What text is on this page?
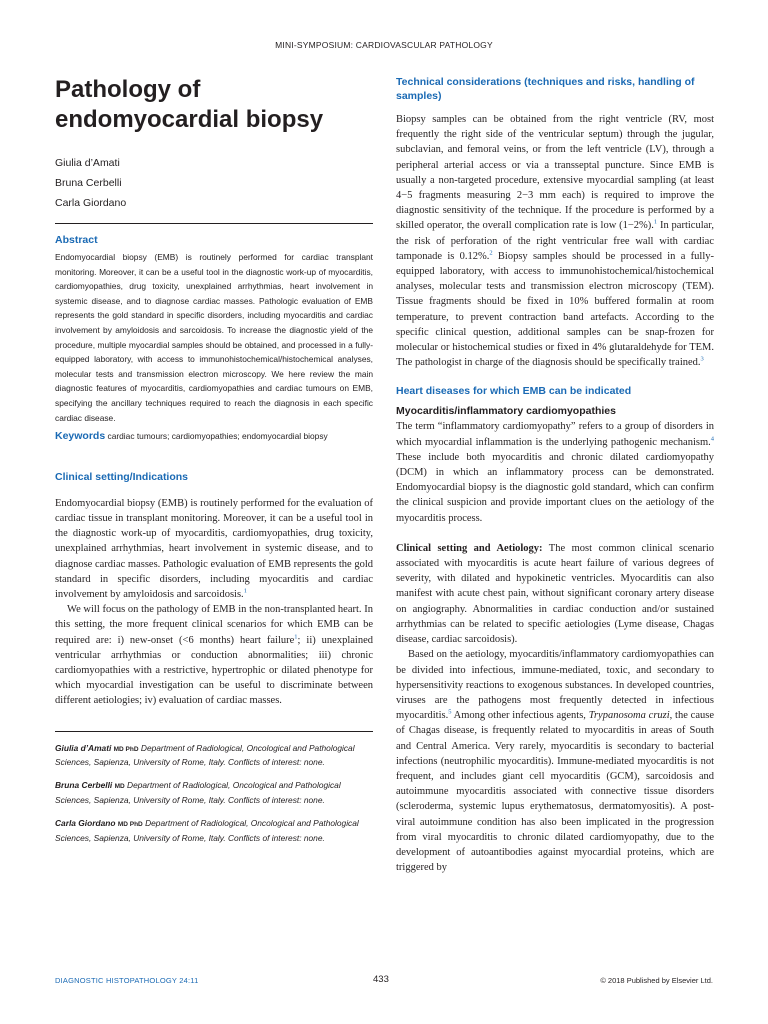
MINI-SYMPOSIUM: CARDIOVASCULAR PATHOLOGY
Pathology of
endomyocardial biopsy
Giulia d’Amati
Bruna Cerbelli
Carla Giordano
Abstract

Endomyocardial biopsy (EMB) is routinely performed for cardiac transplant monitoring. Moreover, it can be a useful tool in the diagnostic work-up of myocarditis, cardiomyopathies, drug toxicity, unexplained arrhythmias, heart involvement in systemic disease, and to diagnose cardiac masses. Pathologic evaluation of EMB represents the gold standard in specific disorders, including myocarditis and cardiac involvement by amyloidosis and sarcoidosis. To increase the diagnostic yield of the procedure, multiple myocardial samples should be obtained, and processed in a fully-equipped laboratory, with access to immunohistochemical/histochemical analyses, molecular tests and transmission electron microscopy. We here review the main diagnostic features of myocarditis, cardiomyopathies and cardiac tumours on EMB, specifying the ancillary techniques required to reach the diagnosis in each specific cardiac disease.

Keywords cardiac tumours; cardiomyopathies; endomyocardial biopsy
Clinical setting/Indications

Endomyocardial biopsy (EMB) is routinely performed for the evaluation of cardiac tissue in transplant monitoring. Moreover, it can be a useful tool in the diagnostic work-up of myocarditis, cardiomyopathies, drug toxicity, unexplained arrhythmias, heart involvement in systemic disease, and to diagnose cardiac masses. Pathologic evaluation of EMB represents the gold standard in specific disorders, including myocarditis and cardiac involvement by amyloidosis and sarcoidosis.$^1$

We will focus on the pathology of EMB in the non-transplanted heart. In this setting, the more frequent clinical scenarios for which EMB can be required are: i) new-onset (<6 months) heart failure$^1$; ii) unexplained ventricular arrhythmias or conduction abnormalities; iii) chronic cardiomyopathies with a restrictive, hypertrophic or dilated phenotype for which myocardial investigation can be useful to discriminate between different aetiologies; iv) evaluation of cardiac masses.

Giulia d’Amati MD PhD Department of Radiological, Oncological and Pathological Sciences, Sapienza, University of Rome, Italy. Conflicts of interest: none.
Bruna Cerbelli MD Department of Radiological, Oncological and Pathological Sciences, Sapienza, University of Rome, Italy. Conflicts of interest: none.
Carla Giordano MD PhD Department of Radiological, Oncological and Pathological Sciences, Sapienza, University of Rome, Italy. Conflicts of interest: none.
Technical considerations (techniques and risks, handling of samples)

Biopsy samples can be obtained from the right ventricle (RV, most frequently the right side of the ventricular septum) through the jugular, subclavian, and femoral veins, or from the left ventricle (LV), through a peripheral arterial access or via a transseptal puncture. Since EMB is usually a non-targeted procedure, extensive myocardial sampling (at least 4−5 fragments measuring 2−3 mm each) is required to improve the diagnostic sensitivity of the technique. If the procedure is performed by a skilled operator, the overall complication rate is low (1−2%).$^1$ In particular, the risk of perforation of the right ventricular free wall with cardiac tamponade is 0.12%.$^2$ Biopsy samples should be processed in a fully-equipped laboratory, with access to immunohistochemical/histochemical analyses, molecular tests and transmission electron microscopy (TEM). Tissue fragments should be fixed in 10% buffered formalin at room temperature, to prevent contraction band artefacts. According to the specific clinical question, additional samples can be snap-frozen for molecular or histochemical studies or fixed in 4% glutaraldehyde for TEM. The pathologist in charge of the diagnosis should be specifically trained.$^3$

Heart diseases for which EMB can be indicated
Myocarditis/inflammatory cardiomyopathies

The term “inflammatory cardiomyopathy” refers to a group of disorders in which myocardial inflammation is the underlying pathogenic mechanism.$^4$ These include both myocarditis and chronic dilated cardiomyopathy (DCM) in which an inflammatory process can be demonstrated. Endomyocardial biopsy is the diagnostic gold standard, which can confirm the clinical suspicion and provide important clues on the aetiology of the myocarditis process.

Clinical setting and Aetiology: The most common clinical scenario associated with myocarditis is acute heart failure of various degrees of severity, with dilated and hypokinetic ventricles. Myocarditis can also manifest with acute chest pain, without significant coronary artery disease on angiography. Abnormalities in cardiac conduction and/or sustained arrhythmias can be related to specific aetiologies (Lyme disease, Chagas disease, cardiac sarcoidosis).

Based on the aetiology, myocarditis/inflammatory cardiomyopathies can be divided into infectious, immune-mediated, toxic, and secondary to hypersensitivity reactions to exogenous substances. In developed countries, viruses are the pathogens most frequently detected in infectious myocarditis.$^5$ Among other infectious agents, Trypanosoma cruzi, the cause of Chagas disease, is frequently related to myocarditis in areas of South and Central America. Very rarely, myocarditis is secondary to bacterial infections (neutrophilic myocarditis). Immune-mediated myocarditis is not frequent, and includes giant cell myocarditis (GCM), sarcoidosis and autoimmune myocarditis associated with connective tissue disorders (scleroderma, systemic lupus erythematosus, dermatomyositis). A post-viral autoimmune condition has also been implicated in the progression from viral myocarditis to chronic dilated cardiomyopathy, due to the development of autoantibodies against myocardial proteins, which are triggered by

DIAGNOSTIC HISTOPATHOLOGY 24:11	433	© 2018 Published by Elsevier Ltd.
